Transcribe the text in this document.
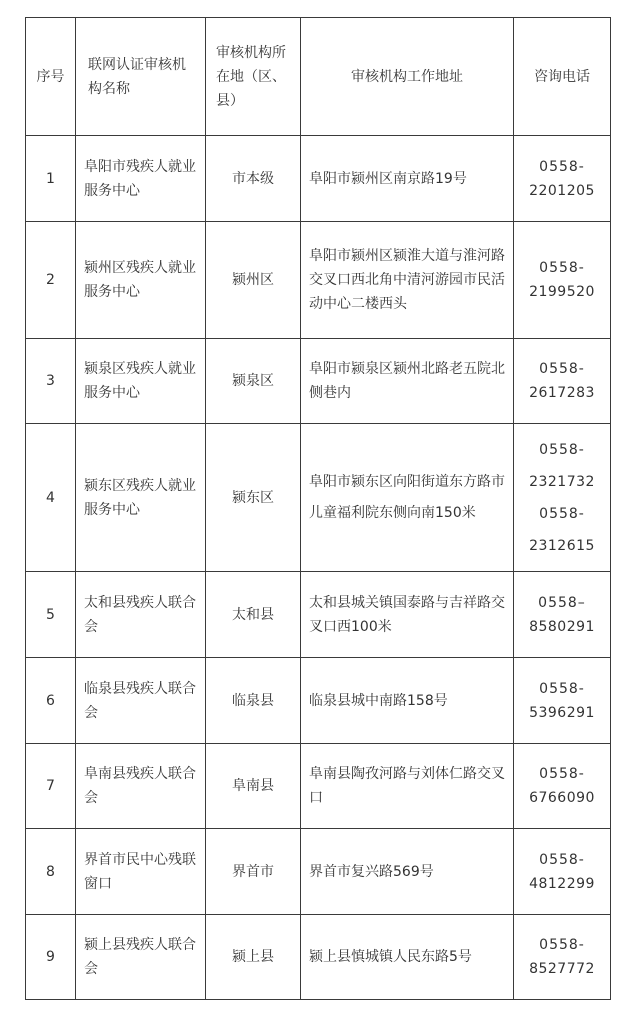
序号	联网认证审核机构名称	审核机构所在地（区、县）	审核机构工作地址	咨询电话
1	阜阳市残疾人就业服务中心	市本级	阜阳市颍州区南京路19号	0558-
2201205

2	颍州区残疾人就业服务中心	颍州区	阜阳市颍州区颍淮大道与淮河路交叉口西北角中清河游园市民活动中心二楼西头	0558-
2199520

3	颍泉区残疾人就业服务中心	颍泉区	阜阳市颍泉区颍州北路老五院北侧巷内	0558-
2617283

4	颍东区残疾人就业服务中心	颍东区	阜阳市颍东区向阳街道东方路市儿童福利院东侧向南150米	0558-
2321732
0558-
2312615

5	太和县残疾人联合会	太和县	太和县城关镇国泰路与吉祥路交叉口西100米	0558–
8580291

6	临泉县残疾人联合会	临泉县	临泉县城中南路158号	0558-
5396291

7	阜南县残疾人联合会	阜南县	阜南县陶孜河路与刘体仁路交叉口	0558-
6766090

8	界首市民中心残联窗口	界首市	界首市复兴路569号	0558-
4812299

9	颍上县残疾人联合会	颍上县	颍上县慎城镇人民东路5号	0558-
8527772
